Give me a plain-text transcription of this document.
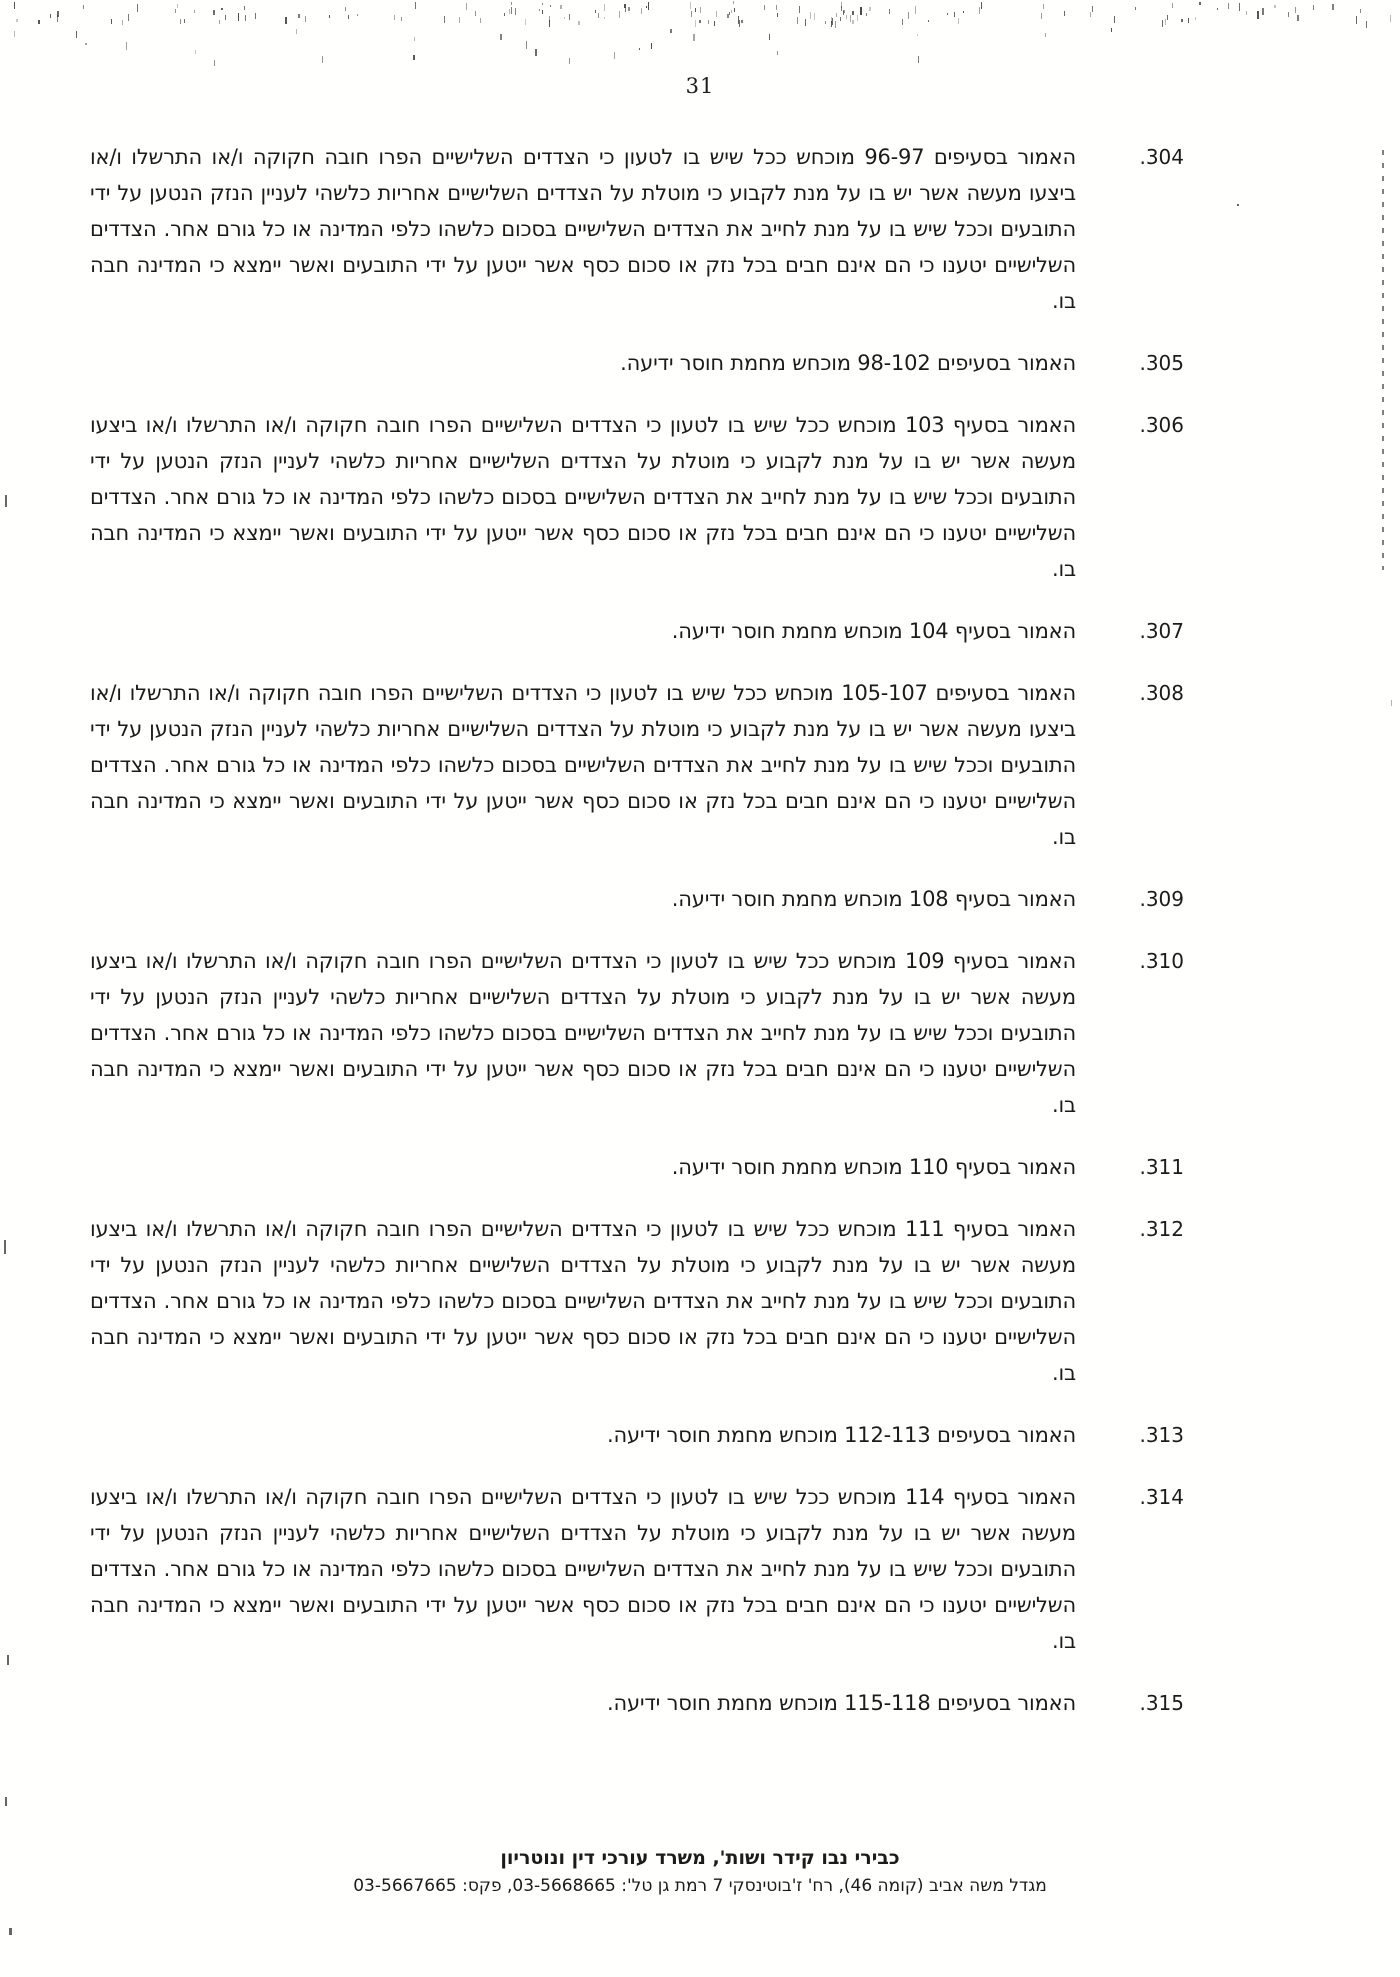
31
304.
האמור בסעיפים 96-97 מוכחש ככל שיש בו לטעון כי הצדדים השלישיים הפרו חובה חקוקה ו/או התרשלו ו/או ביצעו מעשה אשר יש בו על מנת לקבוע כי מוטלת על הצדדים השלישיים אחריות כלשהי לעניין הנזק הנטען על ידי התובעים וככל שיש בו על מנת לחייב את הצדדים השלישיים בסכום כלשהו כלפי המדינה או כל גורם אחר. הצדדים השלישיים יטענו כי הם אינם חבים בכל נזק או סכום כסף אשר ייטען על ידי התובעים ואשר יימצא כי המדינה חבה בו.
305.
האמור בסעיפים 98-102 מוכחש מחמת חוסר ידיעה.
306.
האמור בסעיף 103 מוכחש ככל שיש בו לטעון כי הצדדים השלישיים הפרו חובה חקוקה ו/או התרשלו ו/או ביצעו מעשה אשר יש בו על מנת לקבוע כי מוטלת על הצדדים השלישיים אחריות כלשהי לעניין הנזק הנטען על ידי התובעים וככל שיש בו על מנת לחייב את הצדדים השלישיים בסכום כלשהו כלפי המדינה או כל גורם אחר. הצדדים השלישיים יטענו כי הם אינם חבים בכל נזק או סכום כסף אשר ייטען על ידי התובעים ואשר יימצא כי המדינה חבה בו.
307.
האמור בסעיף 104 מוכחש מחמת חוסר ידיעה.
308.
האמור בסעיפים 105-107 מוכחש ככל שיש בו לטעון כי הצדדים השלישיים הפרו חובה חקוקה ו/או התרשלו ו/או ביצעו מעשה אשר יש בו על מנת לקבוע כי מוטלת על הצדדים השלישיים אחריות כלשהי לעניין הנזק הנטען על ידי התובעים וככל שיש בו על מנת לחייב את הצדדים השלישיים בסכום כלשהו כלפי המדינה או כל גורם אחר. הצדדים השלישיים יטענו כי הם אינם חבים בכל נזק או סכום כסף אשר ייטען על ידי התובעים ואשר יימצא כי המדינה חבה בו.
309.
האמור בסעיף 108 מוכחש מחמת חוסר ידיעה.
310.
האמור בסעיף 109 מוכחש ככל שיש בו לטעון כי הצדדים השלישיים הפרו חובה חקוקה ו/או התרשלו ו/או ביצעו מעשה אשר יש בו על מנת לקבוע כי מוטלת על הצדדים השלישיים אחריות כלשהי לעניין הנזק הנטען על ידי התובעים וככל שיש בו על מנת לחייב את הצדדים השלישיים בסכום כלשהו כלפי המדינה או כל גורם אחר. הצדדים השלישיים יטענו כי הם אינם חבים בכל נזק או סכום כסף אשר ייטען על ידי התובעים ואשר יימצא כי המדינה חבה בו.
311.
האמור בסעיף 110 מוכחש מחמת חוסר ידיעה.
312.
האמור בסעיף 111 מוכחש ככל שיש בו לטעון כי הצדדים השלישיים הפרו חובה חקוקה ו/או התרשלו ו/או ביצעו מעשה אשר יש בו על מנת לקבוע כי מוטלת על הצדדים השלישיים אחריות כלשהי לעניין הנזק הנטען על ידי התובעים וככל שיש בו על מנת לחייב את הצדדים השלישיים בסכום כלשהו כלפי המדינה או כל גורם אחר. הצדדים השלישיים יטענו כי הם אינם חבים בכל נזק או סכום כסף אשר ייטען על ידי התובעים ואשר יימצא כי המדינה חבה בו.
313.
האמור בסעיפים 112-113 מוכחש מחמת חוסר ידיעה.
314.
האמור בסעיף 114 מוכחש ככל שיש בו לטעון כי הצדדים השלישיים הפרו חובה חקוקה ו/או התרשלו ו/או ביצעו מעשה אשר יש בו על מנת לקבוע כי מוטלת על הצדדים השלישיים אחריות כלשהי לעניין הנזק הנטען על ידי התובעים וככל שיש בו על מנת לחייב את הצדדים השלישיים בסכום כלשהו כלפי המדינה או כל גורם אחר. הצדדים השלישיים יטענו כי הם אינם חבים בכל נזק או סכום כסף אשר ייטען על ידי התובעים ואשר יימצא כי המדינה חבה בו.
315.
האמור בסעיפים 115-118 מוכחש מחמת חוסר ידיעה.
כבירי נבו קידר ושות', משרד עורכי דין ונוטריון
מגדל משה אביב (קומה 46), רח' ז'בוטינסקי 7 רמת גן טל': 03-5668665, פקס: 03-5667665
